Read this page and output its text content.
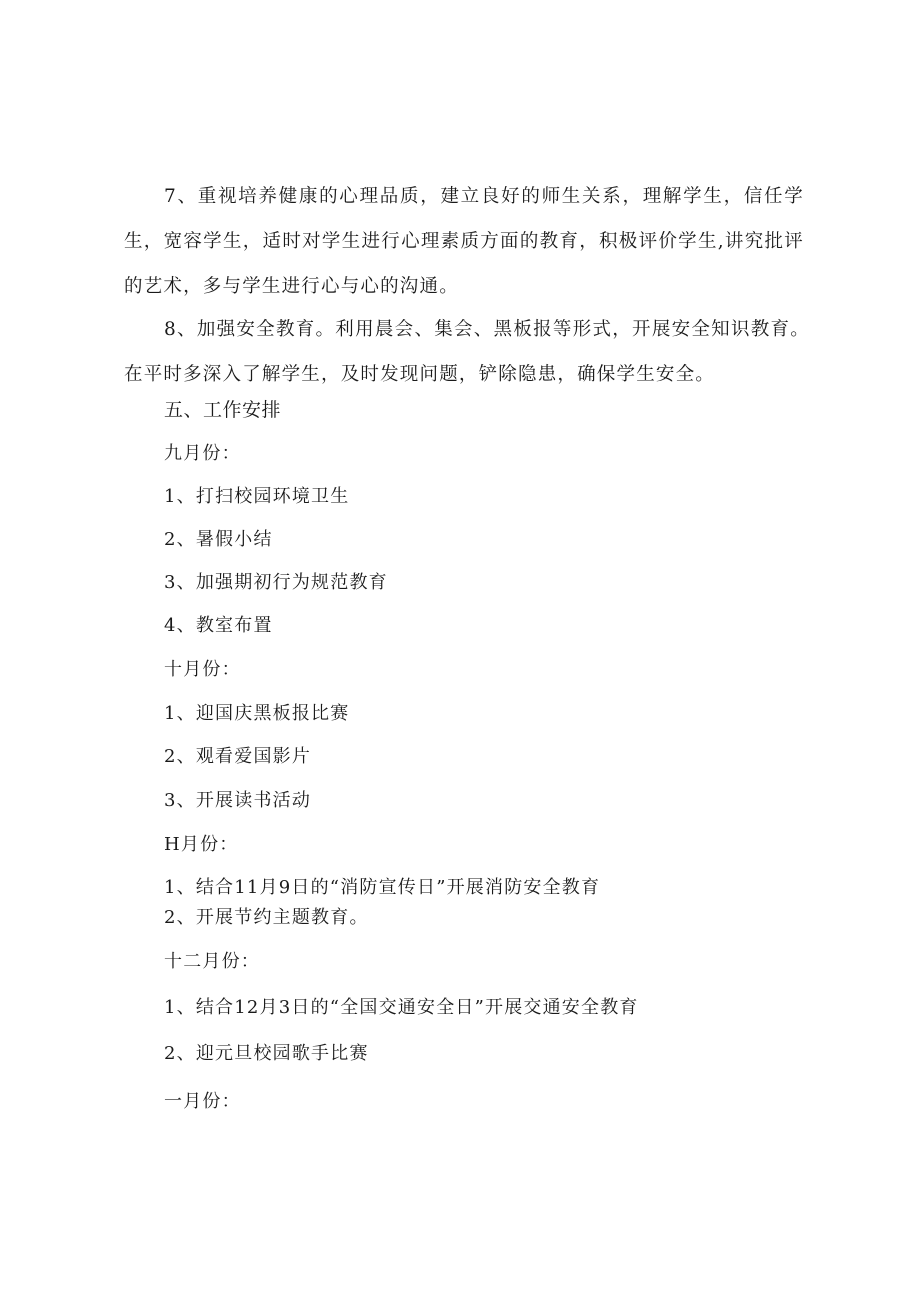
7、重视培养健康的心理品质，建立良好的师生关系，理解学生，信任学生，宽容学生，适时对学生进行心理素质方面的教育，积极评价学生,讲究批评的艺术，多与学生进行心与心的沟通。
8、加强安全教育。利用晨会、集会、黑板报等形式，开展安全知识教育。在平时多深入了解学生，及时发现问题，铲除隐患，确保学生安全。
五、工作安排
九月份：
1、打扫校园环境卫生
2、暑假小结
3、加强期初行为规范教育
4、教室布置
十月份：
1、迎国庆黑板报比赛
2、观看爱国影片
3、开展读书活动
H月份：
1、结合11月9日的“消防宣传日”开展消防安全教育
2、开展节约主题教育。
十二月份：
1、结合12月3日的“全国交通安全日”开展交通安全教育
2、迎元旦校园歌手比赛
一月份：
